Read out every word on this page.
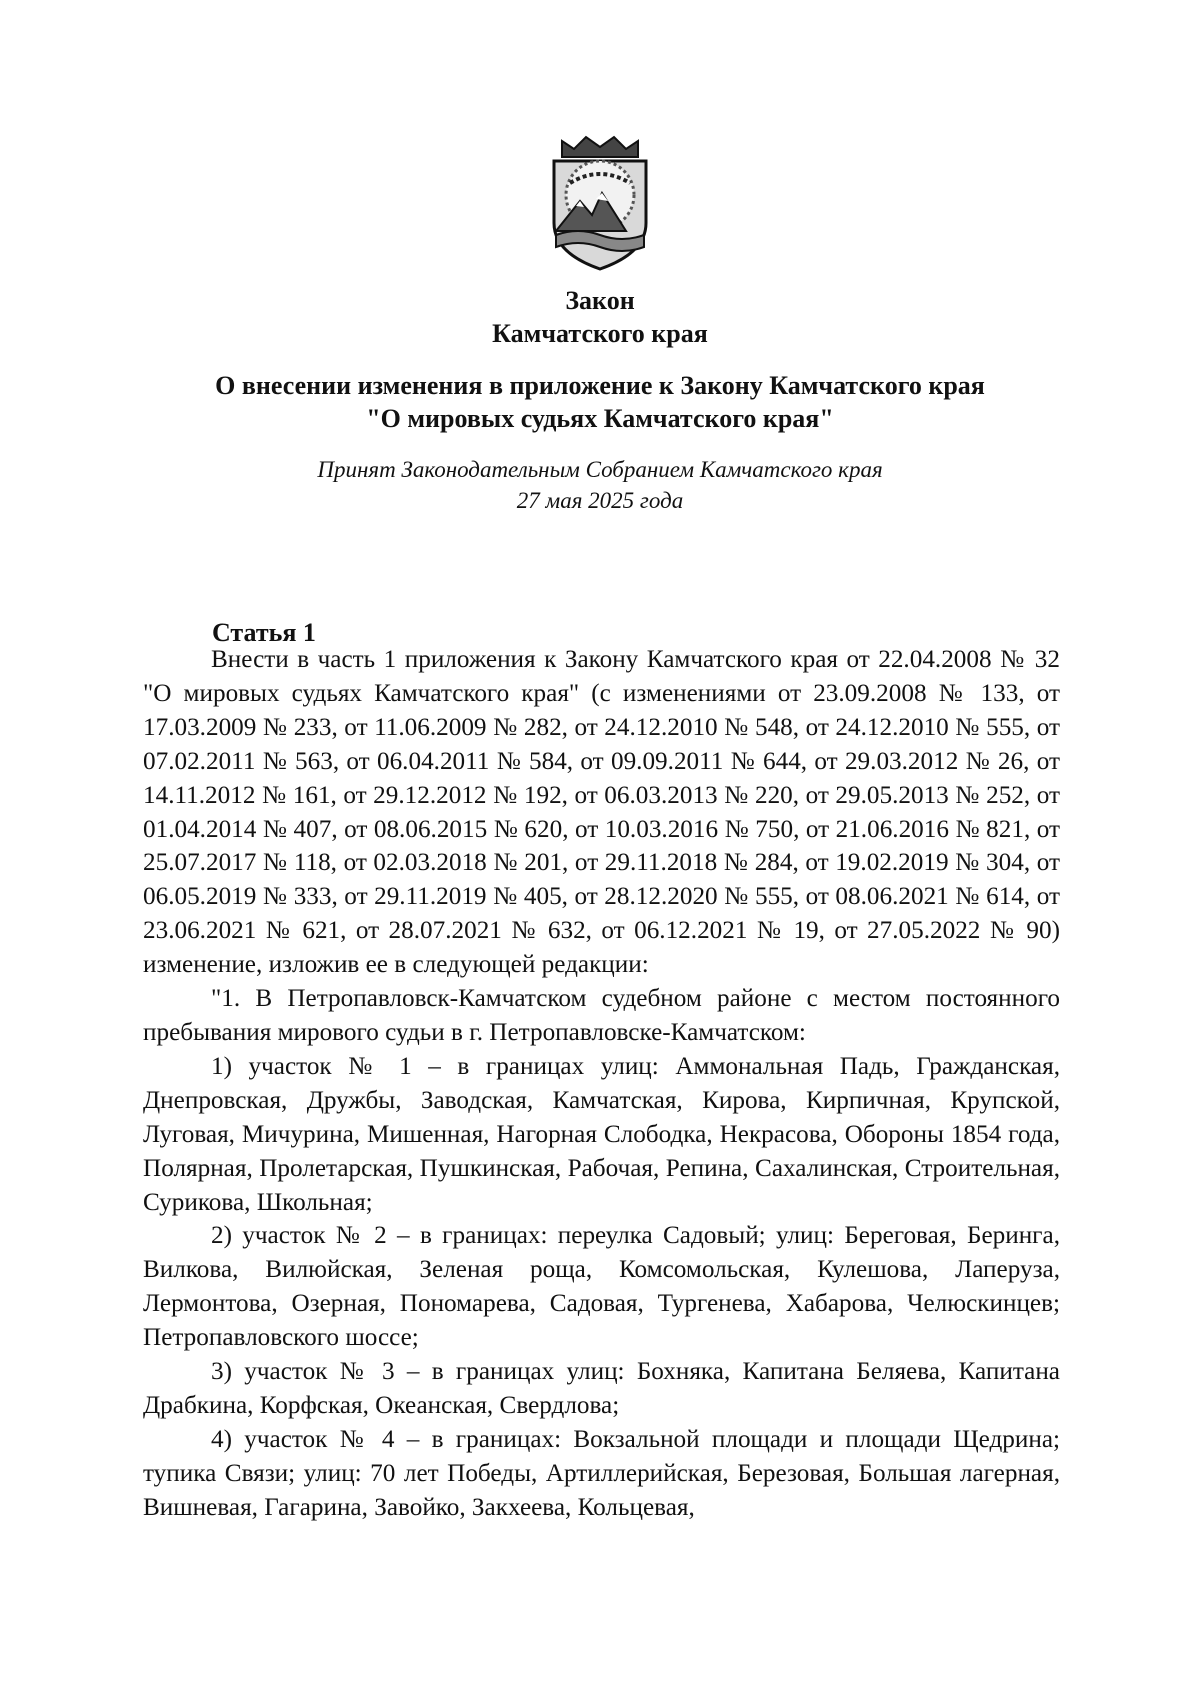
Закон
Камчатского края
О внесении изменения в приложение к Закону Камчатского края
"О мировых судьях Камчатского края"
Принят Законодательным Собранием Камчатского края
27 мая 2025 года
Статья 1

Внести в часть 1 приложения к Закону Камчатского края от 22.04.2008 № 32 "О мировых судьях Камчатского края" (с изменениями от 23.09.2008 № 133, от 17.03.2009 № 233, от 11.06.2009 № 282, от 24.12.2010 № 548, от 24.12.2010 № 555, от 07.02.2011 № 563, от 06.04.2011 № 584, от 09.09.2011 № 644, от 29.03.2012 № 26, от 14.11.2012 № 161, от 29.12.2012 № 192, от 06.03.2013 № 220, от 29.05.2013 № 252, от 01.04.2014 № 407, от 08.06.2015 № 620, от 10.03.2016 № 750, от 21.06.2016 № 821, от 25.07.2017 № 118, от 02.03.2018 № 201, от 29.11.2018 № 284, от 19.02.2019 № 304, от 06.05.2019 № 333, от 29.11.2019 № 405, от 28.12.2020 № 555, от 08.06.2021 № 614, от 23.06.2021 № 621, от 28.07.2021 № 632, от 06.12.2021 № 19, от 27.05.2022 № 90) изменение, изложив ее в следующей редакции:

"1. В Петропавловск-Камчатском судебном районе с местом постоянного пребывания мирового судьи в г. Петропавловске-Камчатском:

1) участок № 1 – в границах улиц: Аммональная Падь, Гражданская, Днепровская, Дружбы, Заводская, Камчатская, Кирова, Кирпичная, Крупской, Луговая, Мичурина, Мишенная, Нагорная Слободка, Некрасова, Обороны 1854 года, Полярная, Пролетарская, Пушкинская, Рабочая, Репина, Сахалинская, Строительная, Сурикова, Школьная;

2) участок № 2 – в границах: переулка Садовый; улиц: Береговая, Беринга, Вилкова, Вилюйская, Зеленая роща, Комсомольская, Кулешова, Лаперуза, Лермонтова, Озерная, Пономарева, Садовая, Тургенева, Хабарова, Челюскинцев; Петропавловского шоссе;

3) участок № 3 – в границах улиц: Бохняка, Капитана Беляева, Капитана Драбкина, Корфская, Океанская, Свердлова;

4) участок № 4 – в границах: Вокзальной площади и площади Щедрина; тупика Связи; улиц: 70 лет Победы, Артиллерийская, Березовая, Большая лагерная, Вишневая, Гагарина, Завойко, Закхеева, Кольцевая,
